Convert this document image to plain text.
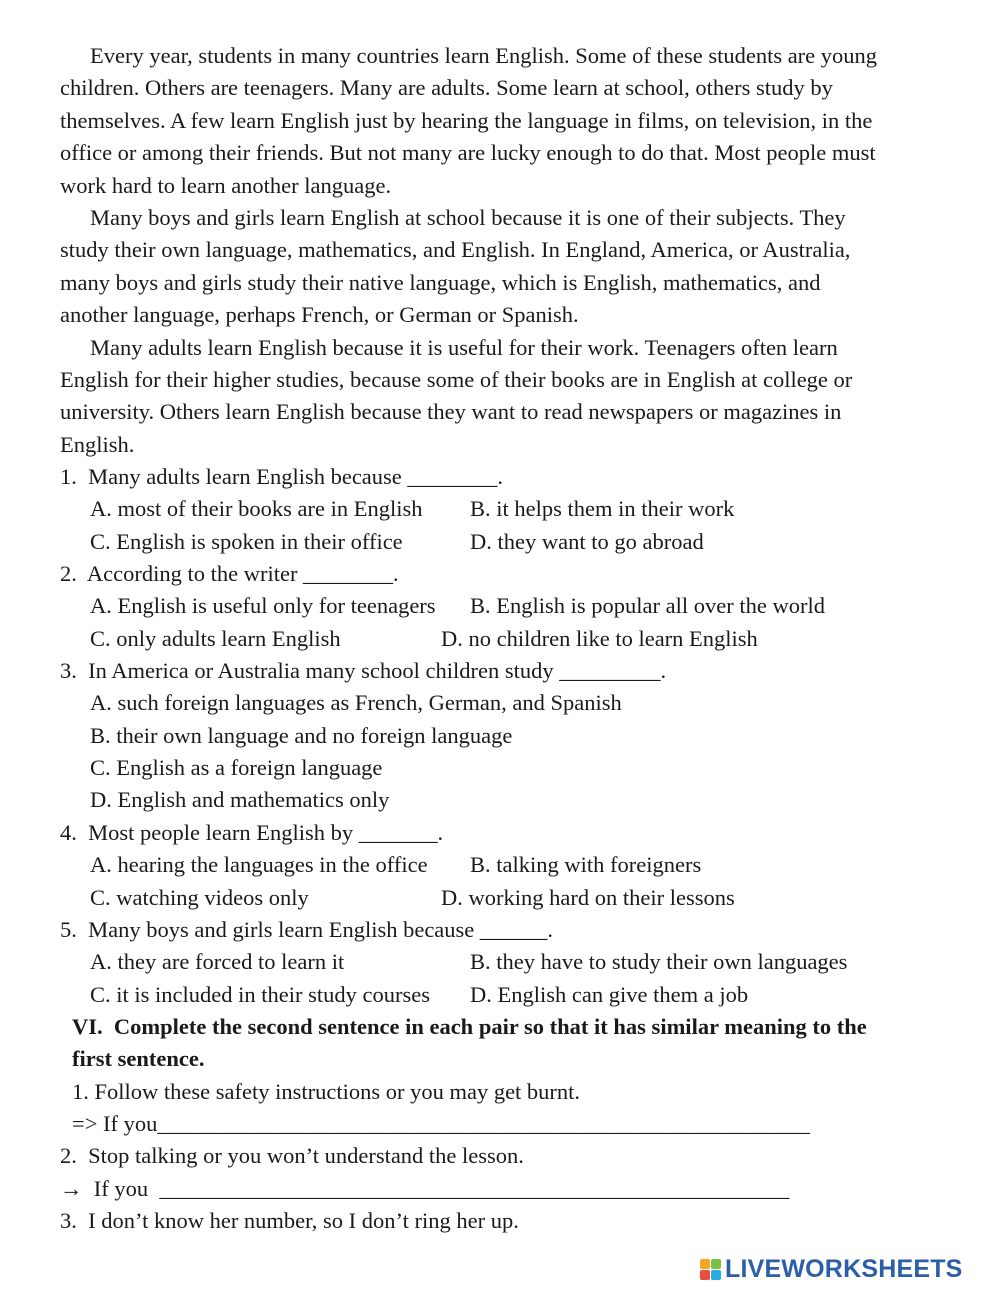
Every year, students in many countries learn English. Some of these students are young
children. Others are teenagers. Many are adults. Some learn at school, others study by
themselves. A few learn English just by hearing the language in films, on television, in the
office or among their friends. But not many are lucky enough to do that. Most people must
work hard to learn another language.
Many boys and girls learn English at school because it is one of their subjects. They
study their own language, mathematics, and English. In England, America, or Australia,
many boys and girls study their native language, which is English, mathematics, and
another language, perhaps French, or German or Spanish.
Many adults learn English because it is useful for their work. Teenagers often learn
English for their higher studies, because some of their books are in English at college or
university. Others learn English because they want to read newspapers or magazines in
English.
1.  Many adults learn English because ________.
A. most of their books are in English B. it helps them in their work
C. English is spoken in their office	D. they want to go abroad
2.  According to the writer ________.
A. English is useful only for teenagers B. English is popular all over the world
C. only adults learn English	D. no children like to learn English
3.  In America or Australia many school children study _________.
A. such foreign languages as French, German, and Spanish
B. their own language and no foreign language
C. English as a foreign language
D. English and mathematics only
4.  Most people learn English by _______.
A. hearing the languages in the office B. talking with foreigners
C. watching videos only	D. working hard on their lessons
5.  Many boys and girls learn English because ______.
A. they are forced to learn it	B. they have to study their own languages
C. it is included in their study courses D. English can give them a job
VI.  Complete the second sentence in each pair so that it has similar meaning to the
first sentence.
1. Follow these safety instructions or you may get burnt.
=> If you__________________________________________________________
2.  Stop talking or you won’t understand the lesson.
→  If you  ________________________________________________________
3.  I don’t know her number, so I don’t ring her up.
LIVEWORKSHEETS
